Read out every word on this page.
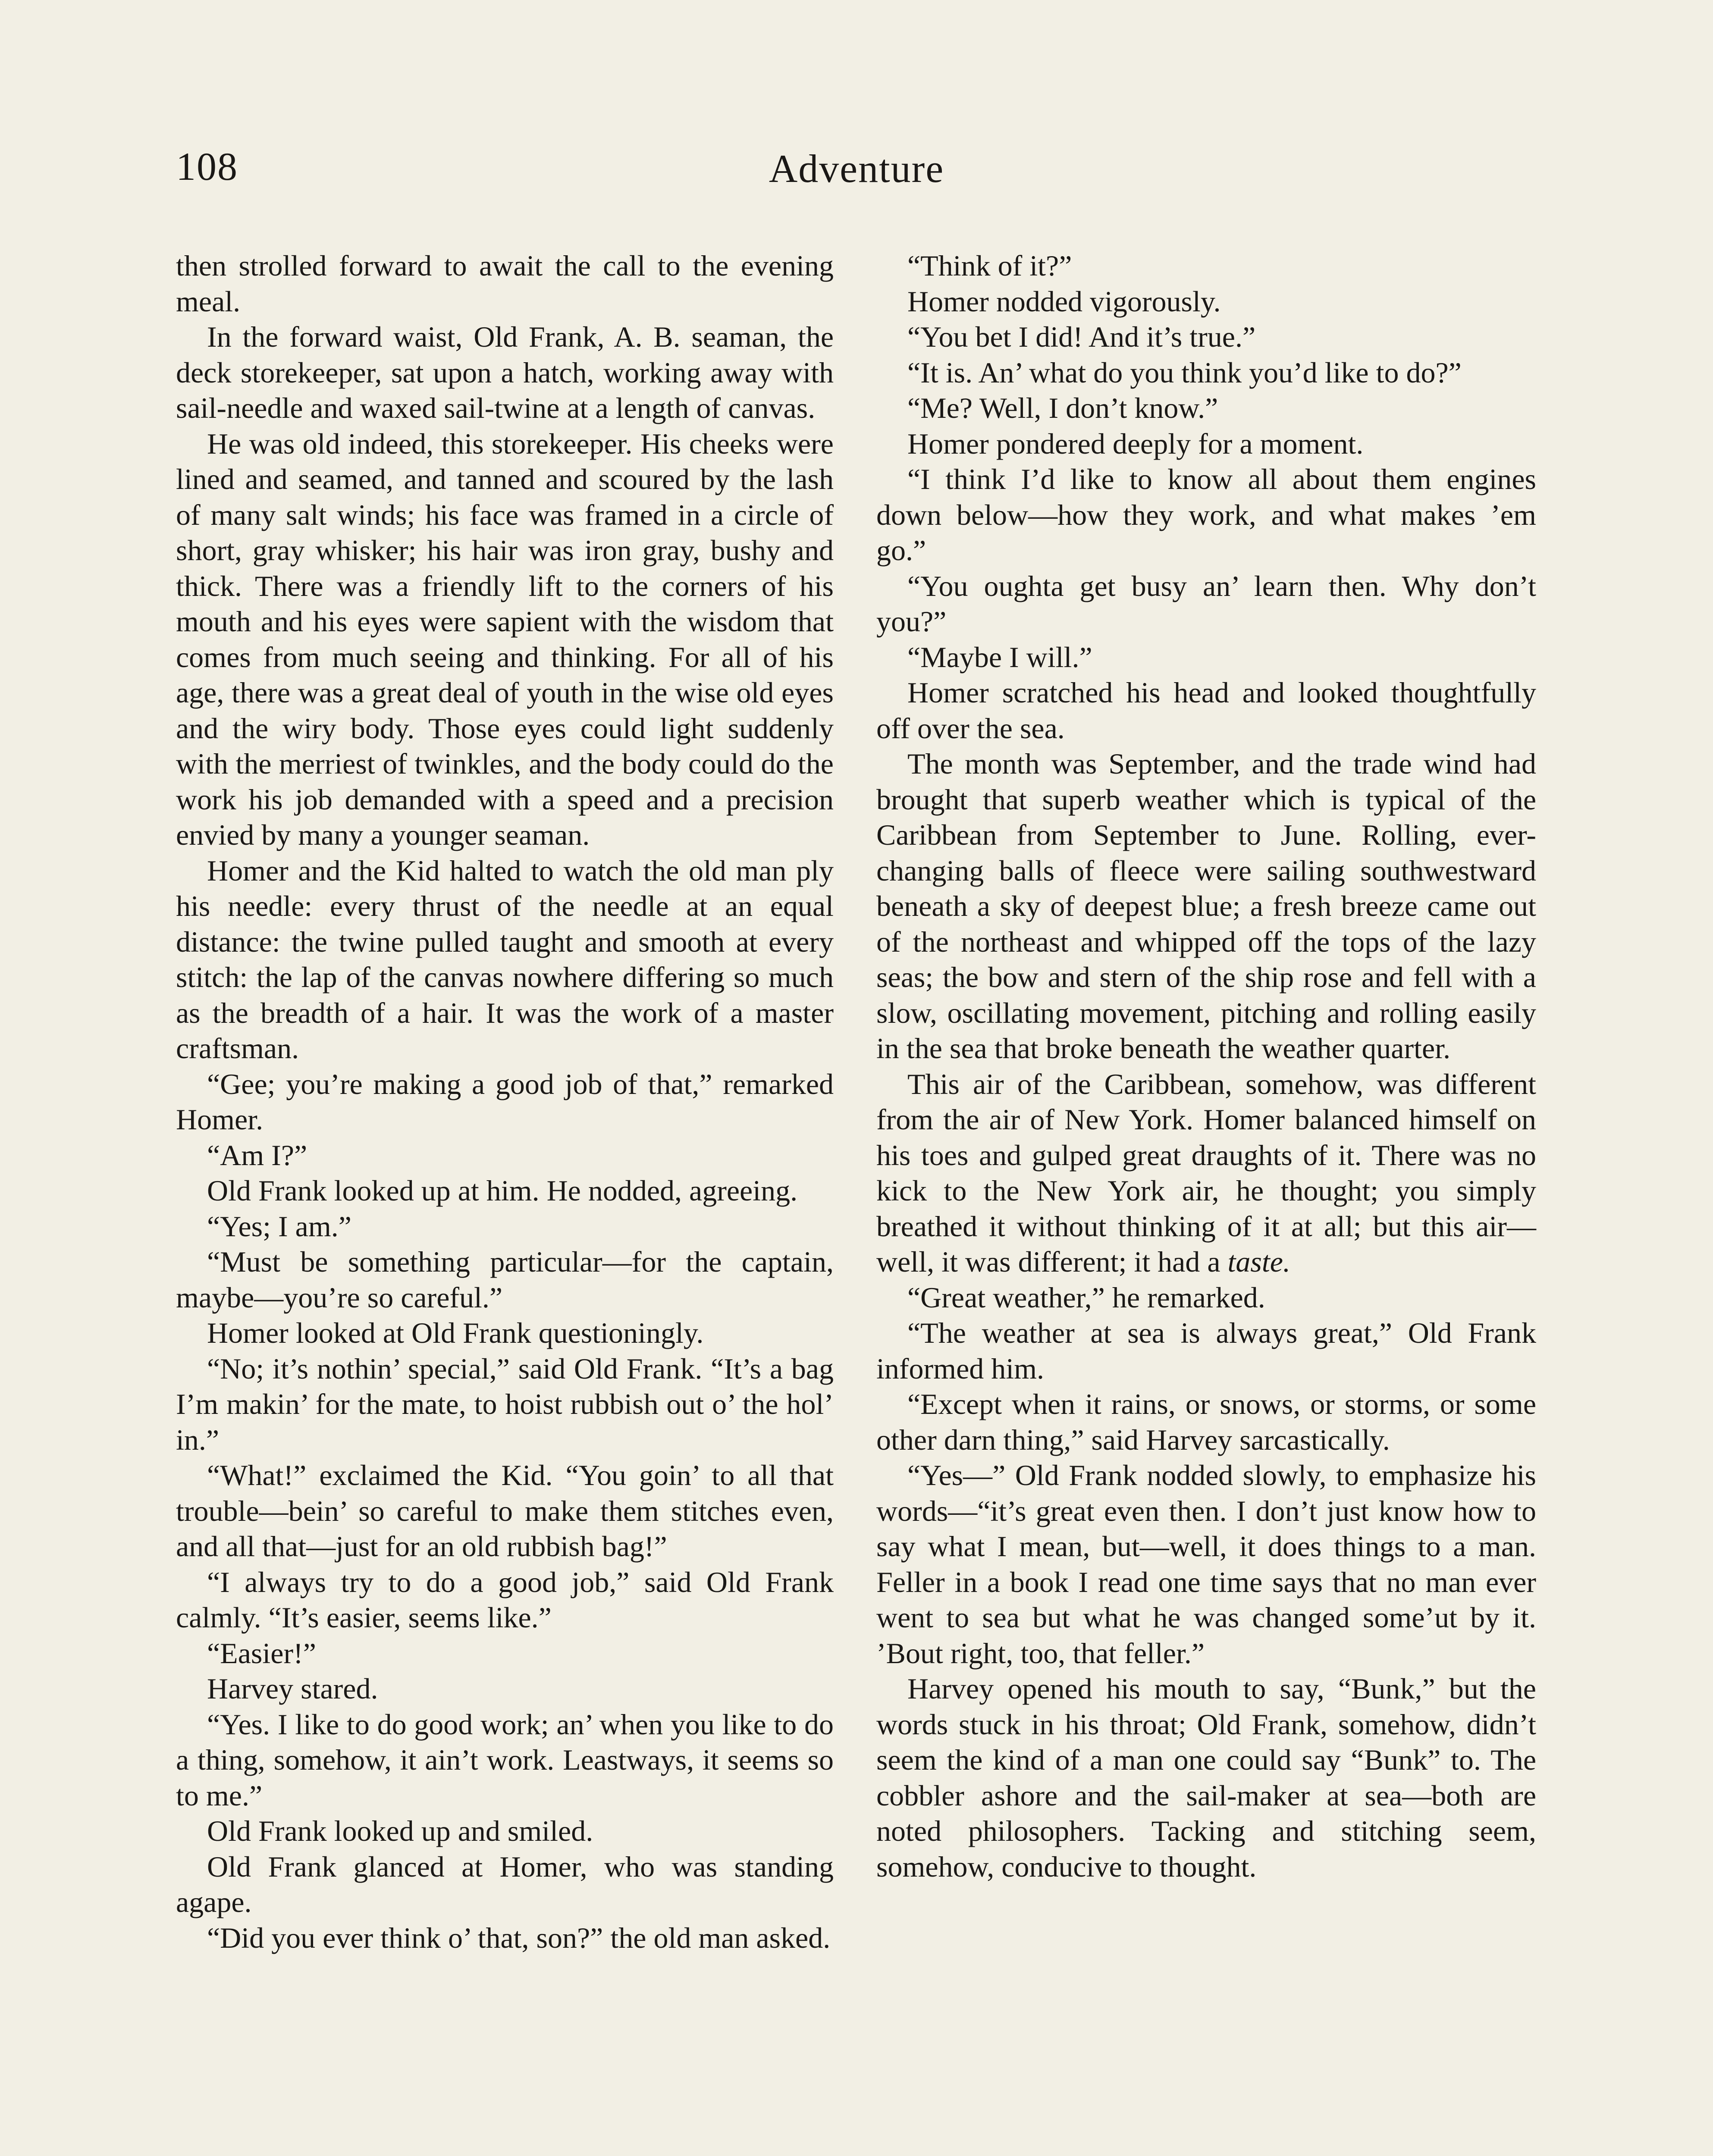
108	Adventure

then strolled forward to await the call to the evening meal.

In the forward waist, Old Frank, A. B. seaman, the deck storekeeper, sat upon a hatch, working away with sail-needle and waxed sail-twine at a length of canvas.

He was old indeed, this storekeeper. His cheeks were lined and seamed, and tanned and scoured by the lash of many salt winds; his face was framed in a circle of short, gray whisker; his hair was iron gray, bushy and thick. There was a friendly lift to the corners of his mouth and his eyes were sapient with the wisdom that comes from much seeing and thinking. For all of his age, there was a great deal of youth in the wise old eyes and the wiry body. Those eyes could light suddenly with the merriest of twinkles, and the body could do the work his job demanded with a speed and a precision envied by many a younger seaman.

Homer and the Kid halted to watch the old man ply his needle: every thrust of the needle at an equal distance: the twine pulled taught and smooth at every stitch: the lap of the canvas nowhere differing so much as the breadth of a hair. It was the work of a master craftsman.

“Gee; you’re making a good job of that,” remarked Homer.

“Am I?”

Old Frank looked up at him. He nodded, agreeing.

“Yes; I am.”

“Must be something particular—for the captain, maybe—you’re so careful.”

Homer looked at Old Frank questioningly.

“No; it’s nothin’ special,” said Old Frank. “It’s a bag I’m makin’ for the mate, to hoist rubbish out o’ the hol’ in.”

“What!” exclaimed the Kid. “You goin’ to all that trouble—bein’ so careful to make them stitches even, and all that—just for an old rubbish bag!”

“I always try to do a good job,” said Old Frank calmly. “It’s easier, seems like.”

“Easier!”

Harvey stared.

“Yes. I like to do good work; an’ when you like to do a thing, somehow, it ain’t work. Leastways, it seems so to me.”

Old Frank looked up and smiled.

Old Frank glanced at Homer, who was standing agape.

“Did you ever think o’ that, son?” the old man asked.

“Think of it?”

Homer nodded vigorously.

“You bet I did! And it’s true.”

“It is. An’ what do you think you’d like to do?”

“Me? Well, I don’t know.”

Homer pondered deeply for a moment.

“I think I’d like to know all about them engines down below—how they work, and what makes ’em go.”

“You oughta get busy an’ learn then. Why don’t you?”

“Maybe I will.”

Homer scratched his head and looked thoughtfully off over the sea.

The month was September, and the trade wind had brought that superb weather which is typical of the Caribbean from September to June. Rolling, ever-changing balls of fleece were sailing southwestward beneath a sky of deepest blue; a fresh breeze came out of the northeast and whipped off the tops of the lazy seas; the bow and stern of the ship rose and fell with a slow, oscillating movement, pitching and rolling easily in the sea that broke beneath the weather quarter.

This air of the Caribbean, somehow, was different from the air of New York. Homer balanced himself on his toes and gulped great draughts of it. There was no kick to the New York air, he thought; you simply breathed it without thinking of it at all; but this air—well, it was different; it had a taste.

“Great weather,” he remarked.

“The weather at sea is always great,” Old Frank informed him.

“Except when it rains, or snows, or storms, or some other darn thing,” said Harvey sarcastically.

“Yes—” Old Frank nodded slowly, to emphasize his words—“it’s great even then. I don’t just know how to say what I mean, but—well, it does things to a man. Feller in a book I read one time says that no man ever went to sea but what he was changed some’ut by it. ’Bout right, too, that feller.”

Harvey opened his mouth to say, “Bunk,” but the words stuck in his throat; Old Frank, somehow, didn’t seem the kind of a man one could say “Bunk” to. The cobbler ashore and the sail-maker at sea—both are noted philosophers. Tacking and stitching seem, somehow, conducive to thought.
